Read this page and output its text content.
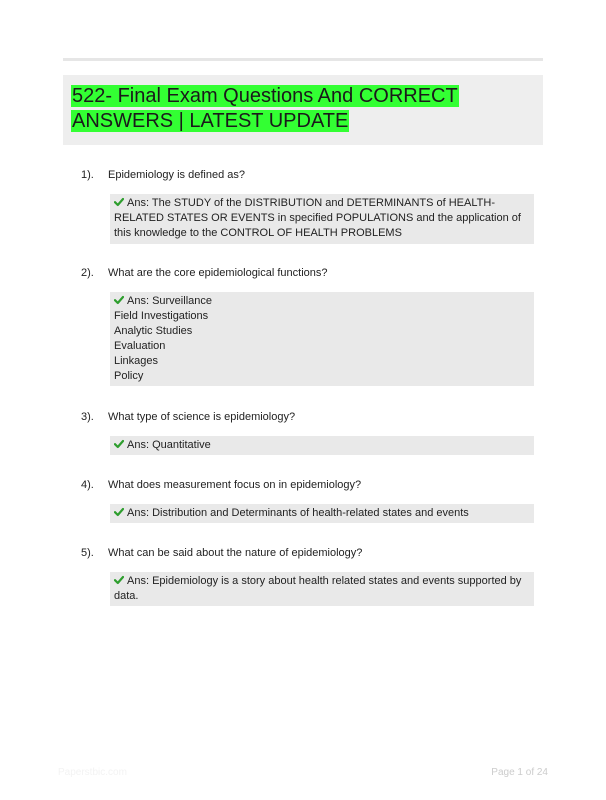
522- Final Exam Questions And CORRECT ANSWERS | LATEST UPDATE
1). Epidemiology is defined as?
Ans: The STUDY of the DISTRIBUTION and DETERMINANTS of HEALTH-RELATED STATES OR EVENTS in specified POPULATIONS and the application of this knowledge to the CONTROL OF HEALTH PROBLEMS
2). What are the core epidemiological functions?
Ans: Surveillance
Field Investigations
Analytic Studies
Evaluation
Linkages
Policy
3). What type of science is epidemiology?
Ans: Quantitative
4). What does measurement focus on in epidemiology?
Ans: Distribution and Determinants of health-related states and events
5). What can be said about the nature of epidemiology?
Ans: Epidemiology is a story about health related states and events supported by data.
Paperstbic.com	Page 1 of 24
